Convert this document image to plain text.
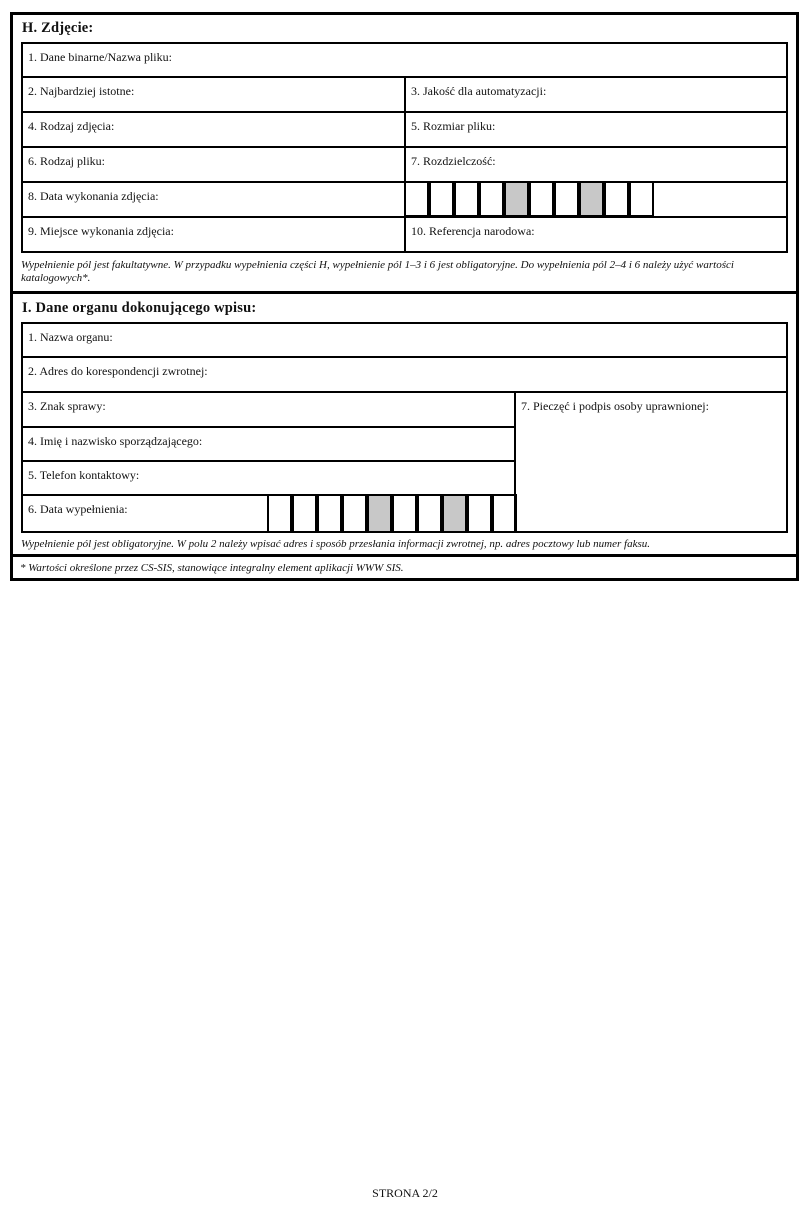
H. Zdjęcie:
1. Dane binarne/Nazwa pliku:
2. Najbardziej istotne:	3. Jakość dla automatyzacji:
4. Rodzaj zdjęcia:	5. Rozmiar pliku:
6. Rodzaj pliku:	7. Rozdzielczość:
8. Data wykonania zdjęcia:
9. Miejsce wykonania zdjęcia:	10. Referencja narodowa:
Wypełnienie pól jest fakultatywne. W przypadku wypełnienia części H, wypełnienie pól 1–3 i 6 jest obligatoryjne. Do wypełnienia pól 2–4 i 6 należy użyć wartości katalogowych*.
I. Dane organu dokonującego wpisu:
1. Nazwa organu:
2. Adres do korespondencji zwrotnej:
3. Znak sprawy:
4. Imię i nazwisko sporządzającego:
5. Telefon kontaktowy:
6. Data wypełnienia:
7. Pieczęć i podpis osoby uprawnionej:
Wypełnienie pól jest obligatoryjne. W polu 2 należy wpisać adres i sposób przesłania informacji zwrotnej, np. adres pocztowy lub numer faksu.
* Wartości określone przez CS-SIS, stanowiące integralny element aplikacji WWW SIS.
STRONA 2/2
